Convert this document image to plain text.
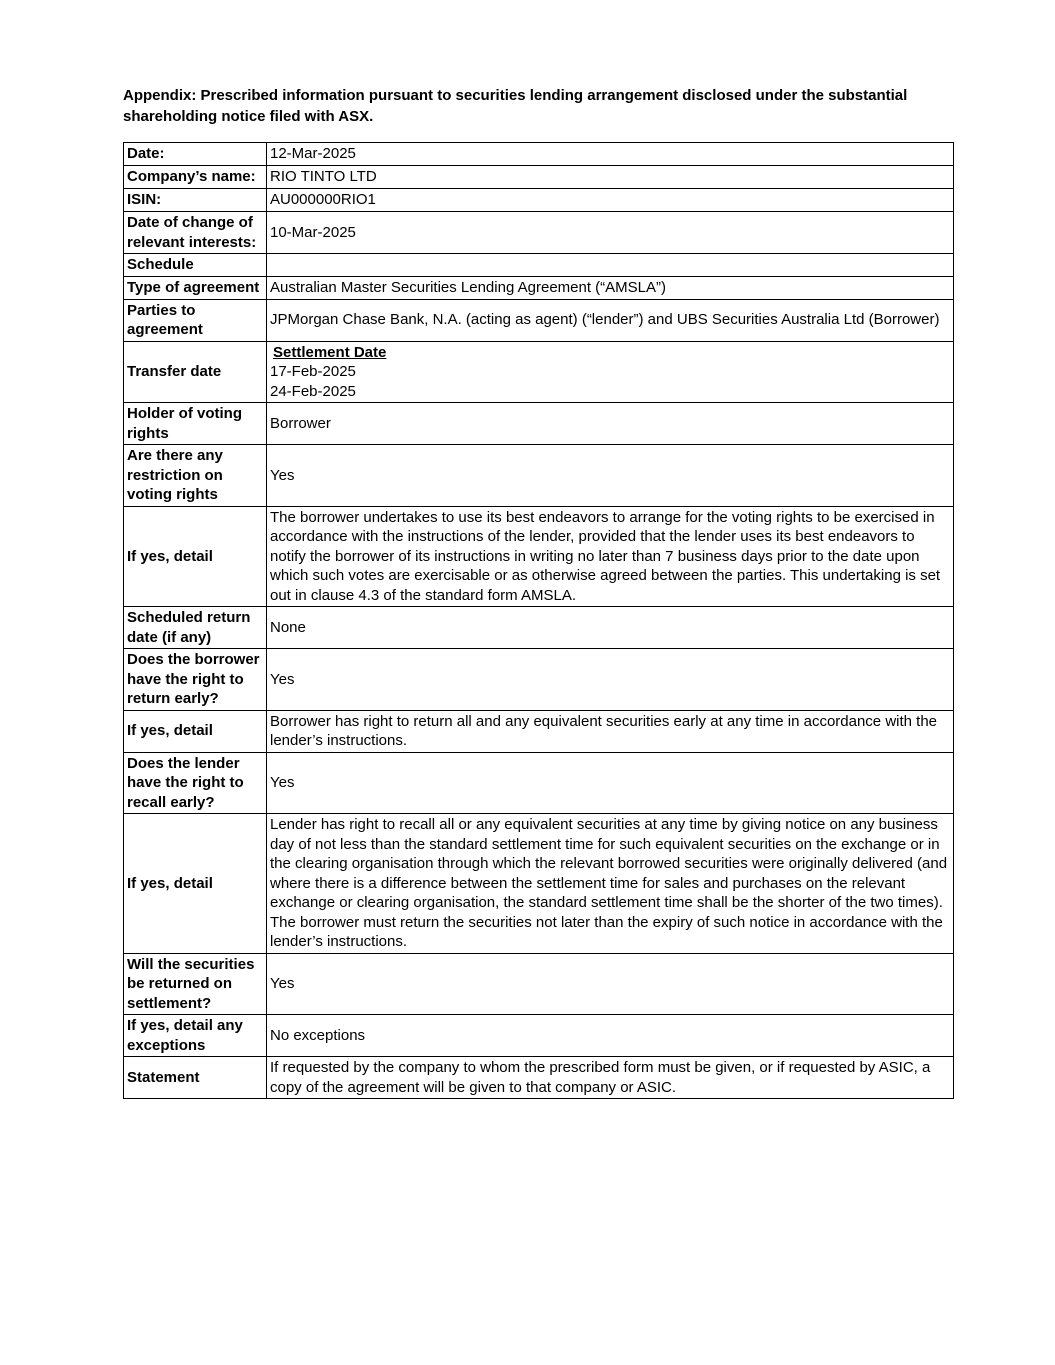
Appendix: Prescribed information pursuant to securities lending arrangement disclosed under the substantial shareholding notice filed with ASX.
Date:	12-Mar-2025
Company’s name:	RIO TINTO LTD
ISIN:	AU000000RIO1
Date of change of relevant interests:	10-Mar-2025
Schedule	
Type of agreement	Australian Master Securities Lending Agreement (“AMSLA”)
Parties to agreement	JPMorgan Chase Bank, N.A. (acting as agent) (“lender”) and UBS Securities Australia Ltd (Borrower)
Transfer date	Settlement Date
17-Feb-2025
24-Feb-2025

Holder of voting rights	Borrower
Are there any restriction on voting rights	Yes
If yes, detail	The borrower undertakes to use its best endeavors to arrange for the voting rights to be exercised in accordance with the instructions of the lender, provided that the lender uses its best endeavors to notify the borrower of its instructions in writing no later than 7 business days prior to the date upon which such votes are exercisable or as otherwise agreed between the parties. This undertaking is set out in clause 4.3 of the standard form AMSLA.
Scheduled return date (if any)	None
Does the borrower have the right to return early?	Yes
If yes, detail	Borrower has right to return all and any equivalent securities early at any time in accordance with the lender’s instructions.
Does the lender have the right to recall early?	Yes
If yes, detail	Lender has right to recall all or any equivalent securities at any time by giving notice on any business day of not less than the standard settlement time for such equivalent securities on the exchange or in the clearing organisation through which the relevant borrowed securities were originally delivered (and where there is a difference between the settlement time for sales and purchases on the relevant exchange or clearing organisation, the standard settlement time shall be the shorter of the two times). The borrower must return the securities not later than the expiry of such notice in accordance with the lender’s instructions.
Will the securities be returned on settlement?	Yes
If yes, detail any exceptions	No exceptions
Statement	If requested by the company to whom the prescribed form must be given, or if requested by ASIC, a copy of the agreement will be given to that company or ASIC.
